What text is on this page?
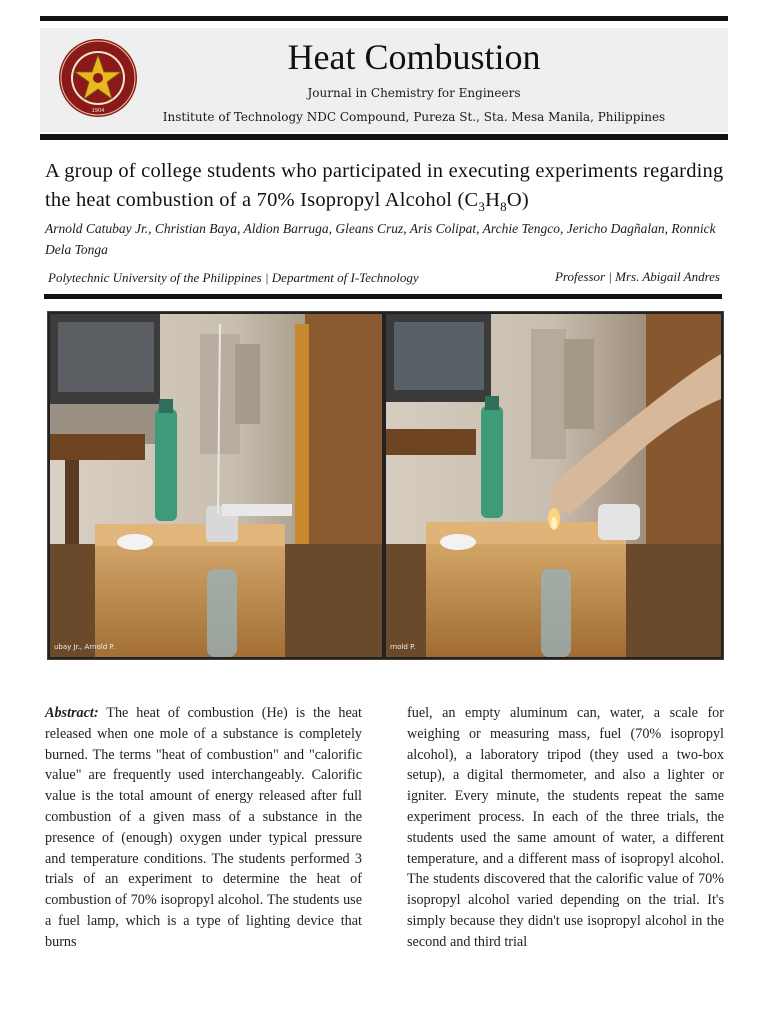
1904
Heat Combustion
Journal in Chemistry for Engineers
Institute of Technology NDC Compound, Pureza St., Sta. Mesa Manila, Philippines
A group of college students who participated in executing experiments regarding the heat combustion of a 70% Isopropyl Alcohol $(C_3H_8O)$
Arnold Catubay Jr., Christian Baya, Aldion Barruga, Gleans Cruz, Aris Colipat, Archie Tengco, Jericho Dagñalan, Ronnick Dela Tonga
Polytechnic University of the Philippines | Department of I-Technology	Professor | Mrs. Abigail Andres
ubay Jr., Arnold P.	rnold P.

Abstract: The heat of combustion (He) is the heat released when one mole of a substance is completely burned. The terms "heat of combustion" and "calorific value" are frequently used interchangeably. Calorific value is the total amount of energy released after full combustion of a given mass of a substance in the presence of (enough) oxygen under typical pressure and temperature conditions. The students performed 3 trials of an experiment to determine the heat of combustion of 70% isopropyl alcohol. The students use a fuel lamp, which is a type of lighting device that burns

fuel, an empty aluminum can, water, a scale for weighing or measuring mass, fuel (70% isopropyl alcohol), a laboratory tripod (they used a two-box setup), a digital thermometer, and also a lighter or igniter. Every minute, the students repeat the same experiment process. In each of the three trials, the students used the same amount of water, a different temperature, and a different mass of isopropyl alcohol. The students discovered that the calorific value of 70% isopropyl alcohol varied depending on the trial. It's simply because they didn't use isopropyl alcohol in the second and third trial
